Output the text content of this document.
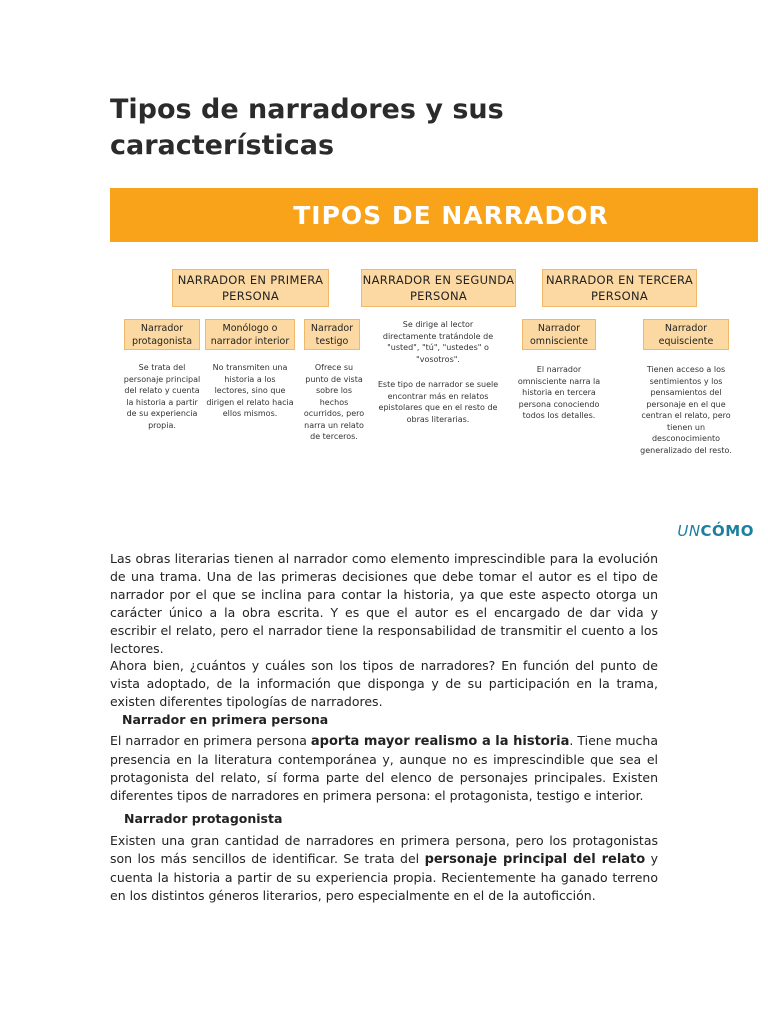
Tipos de narradores y sus características
TIPOS DE NARRADOR
NARRADOR EN PRIMERA PERSONA
NARRADOR EN SEGUNDA PERSONA
NARRADOR EN TERCERA PERSONA
Narrador protagonista
Monólogo o narrador interior
Narrador testigo
Se trata del personaje principal del relato y cuenta la historia a partir de su experiencia propia.
No transmiten una historia a los lectores, sino que dirigen el relato hacia ellos mismos.
Ofrece su punto de vista sobre los hechos ocurridos, pero narra un relato de terceros.
Se dirige al lector directamente tratándole de "usted", "tú", "ustedes" o "vosotros".
Este tipo de narrador se suele encontrar más en relatos epistolares que en el resto de obras literarias.
Narrador omnisciente
Narrador equisciente
El narrador omnisciente narra la historia en tercera persona conociendo todos los detalles.
Tienen acceso a los sentimientos y los pensamientos del personaje en el que centran el relato, pero tienen un desconocimiento generalizado del resto.
UNCÓMO

Las obras literarias tienen al narrador como elemento imprescindible para la evolución de una trama. Una de las primeras decisiones que debe tomar el autor es el tipo de narrador por el que se inclina para contar la historia, ya que este aspecto otorga un carácter único a la obra escrita. Y es que el autor es el encargado de dar vida y escribir el relato, pero el narrador tiene la responsabilidad de transmitir el cuento a los lectores.

Ahora bien, ¿cuántos y cuáles son los tipos de narradores? En función del punto de vista adoptado, de la información que disponga y de su participación en la trama, existen diferentes tipologías de narradores.

Narrador en primera persona

El narrador en primera persona aporta mayor realismo a la historia. Tiene mucha presencia en la literatura contemporánea y, aunque no es imprescindible que sea el protagonista del relato, sí forma parte del elenco de personajes principales. Existen diferentes tipos de narradores en primera persona: el protagonista, testigo e interior.

Narrador protagonista

Existen una gran cantidad de narradores en primera persona, pero los protagonistas son los más sencillos de identificar. Se trata del personaje principal del relato y cuenta la historia a partir de su experiencia propia. Recientemente ha ganado terreno en los distintos géneros literarios, pero especialmente en el de la autoficción.
